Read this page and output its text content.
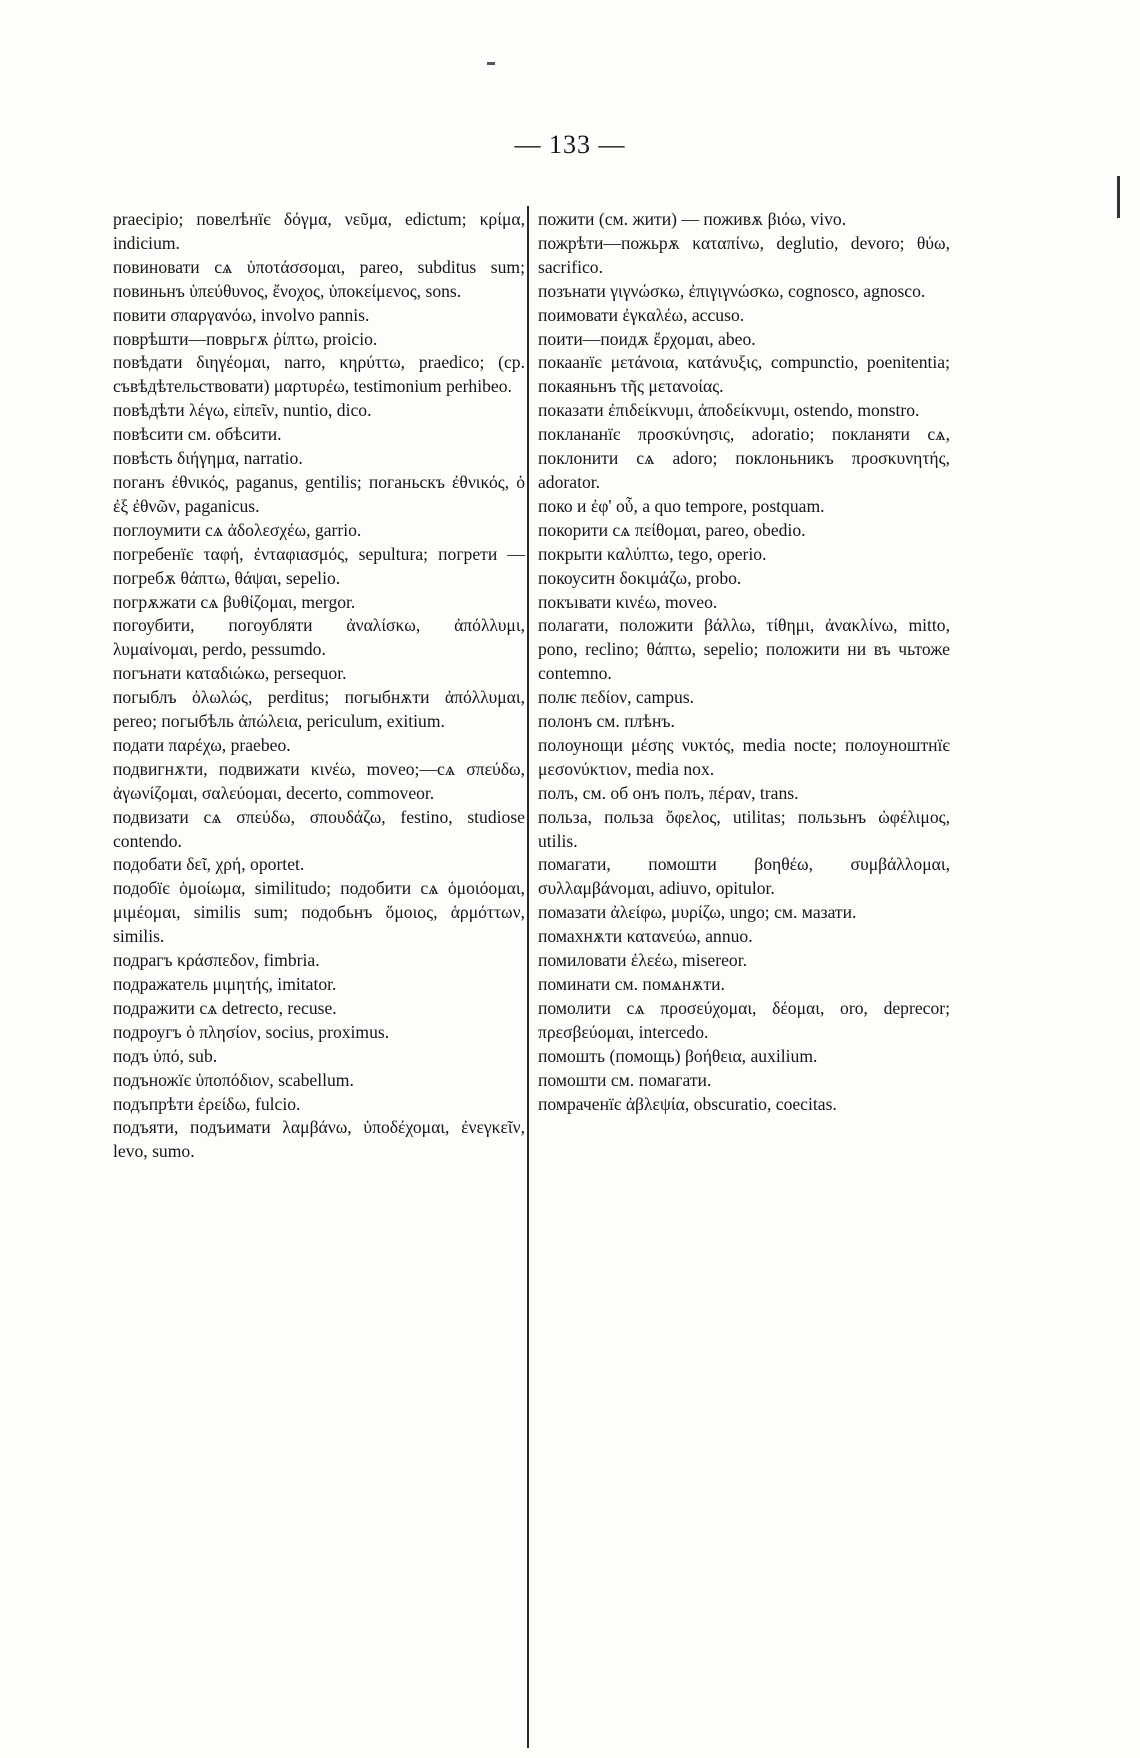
— 133 —

praecipio; повелѣнїє δόγμα, νεῦμα, edictum; κρίμα, indicium.

повиновати сѧ ὑποτάσσομαι, pareo, subditus sum; повиньнъ ὑπεύθυνος, ἔνοχος, ὑποκείμενος, sons.

повити σπαργανόω, involvo pannis.

поврѣшти—поврьгѫ ῥίπτω, proicio.

повѣдати διηγέομαι, narro, κηρύττω, praedico; (cp. съвѣдѣтельствовати) μαρτυρέω, testimonium perhibeo.

повѣдѣти λέγω, εἰπεῖν, nuntio, dico.

повѣсити см. обѣсити.

повѣсть διήγημα, narratio.

поганъ ἐθνικός, paganus, gentilis; поганьскъ ἐθνικός, ὁ ἐξ ἐθνῶν, paganicus.

поглоумити сѧ ἀδολεσχέω, garrio.

погребенїє ταφή, ἐνταφιασμός, sepultura; погрети — погребѫ θάπτω, θάψαι, sepelio.

погрѫжати сѧ βυθίζομαι, mergor.

погоубити, погоубляти ἀναλίσκω, ἀπόλλυμι, λυμαίνομαι, perdo, pessumdo.

погънати καταδιώκω, persequor.

погыблъ ὀλωλώς, perditus; погыбнѫти ἀπόλλυμαι, pereo; погыбѣль ἀπώλεια, periculum, exitium.

подати παρέχω, praebeo.

подвигнѫти, подвижати κινέω, moveo;—сѧ σπεύδω, ἀγωνίζομαι, σαλεύομαι, decerto, commoveor.

подвизати сѧ σπεύδω, σπουδάζω, festino, studiose contendo.

подобати δεῖ, χρή, oportet.

подобїє ὁμοίωμα, similitudo; подобити сѧ ὁμοιόομαι, μιμέομαι, similis sum; подобьнъ ὅμοιος, ἁρμόττων, similis.

подрагъ κράσπεδον, fimbria.

подражатель μιμητής, imitator.

подражити сѧ detrecto, recuse.

подроугъ ὁ πλησίον, socius, proximus.

подъ ὑπό, sub.

подъножїє ὑποπόδιον, scabellum.

подъпрѣти ἐρείδω, fulcio.

подъяти, подъимати λαμβάνω, ὑποδέχομαι, ἐνεγκεῖν, levo, sumo.

пожити (см. жити) — поживѫ βιόω, vivo.

пожрѣти—пожьрѫ καταπίνω, deglutio, devoro; θύω, sacrifico.

позънати γιγνώσκω, ἐπιγιγνώσκω, cognosco, agnosco.

поимовати ἐγκαλέω, accuso.

поити—поидѫ ἔρχομαι, abeo.

покаанїє μετάνοια, κατάνυξις, compunctio, poenitentia; покаяньнъ τῆς μετανοίας.

показати ἐπιδείκνυμι, ἀποδείκνυμι, ostendo, monstro.

поклананїє προσκύνησις, adoratio; покланяти сѧ, поклонити сѧ adoro; поклоньникъ προσκυνητής, adorator.

поко и ἐφ' οὗ, a quo tempore, postquam.

покорити сѧ πείθομαι, pareo, obedio.

покрыти καλύπτω, tego, operio.

покоуситн δοκιμάζω, probo.

покъıвати κινέω, moveo.

полагати, положити βάλλω, τίθημι, ἀνακλίνω, mitto, pono, reclino; θάπτω, sepelio; положити ни въ чьтоже contemno.

полѥ πεδίον, campus.

полонъ см. плѣнъ.

полоунощи μέσης νυκτός, media nocte; полоуноштнїє μεσονύκτιον, media nox.

полъ, см. об онъ полъ, πέραν, trans.

польза, польза ὄφελος, utilitas; пользьнъ ὠφέλιμος, utilis.

помагати, помошти βοηθέω, συμβάλλομαι, συλλαμβάνομαι, adiuvo, opitulor.

помазати ἀλείφω, μυρίζω, ungo; см. мазати.

помахнѫти κατανεύω, annuo.

помиловати ἐλεέω, misereor.

поминати см. помѧнѫти.

помолити сѧ προσεύχομαι, δέομαι, oro, deprecor; πρεσβεύομαι, intercedo.

помошть (помощь) βοήθεια, auxilium.

помошти см. помагати.

помраченїє ἀβλεψία, obscuratio, coecitas.
